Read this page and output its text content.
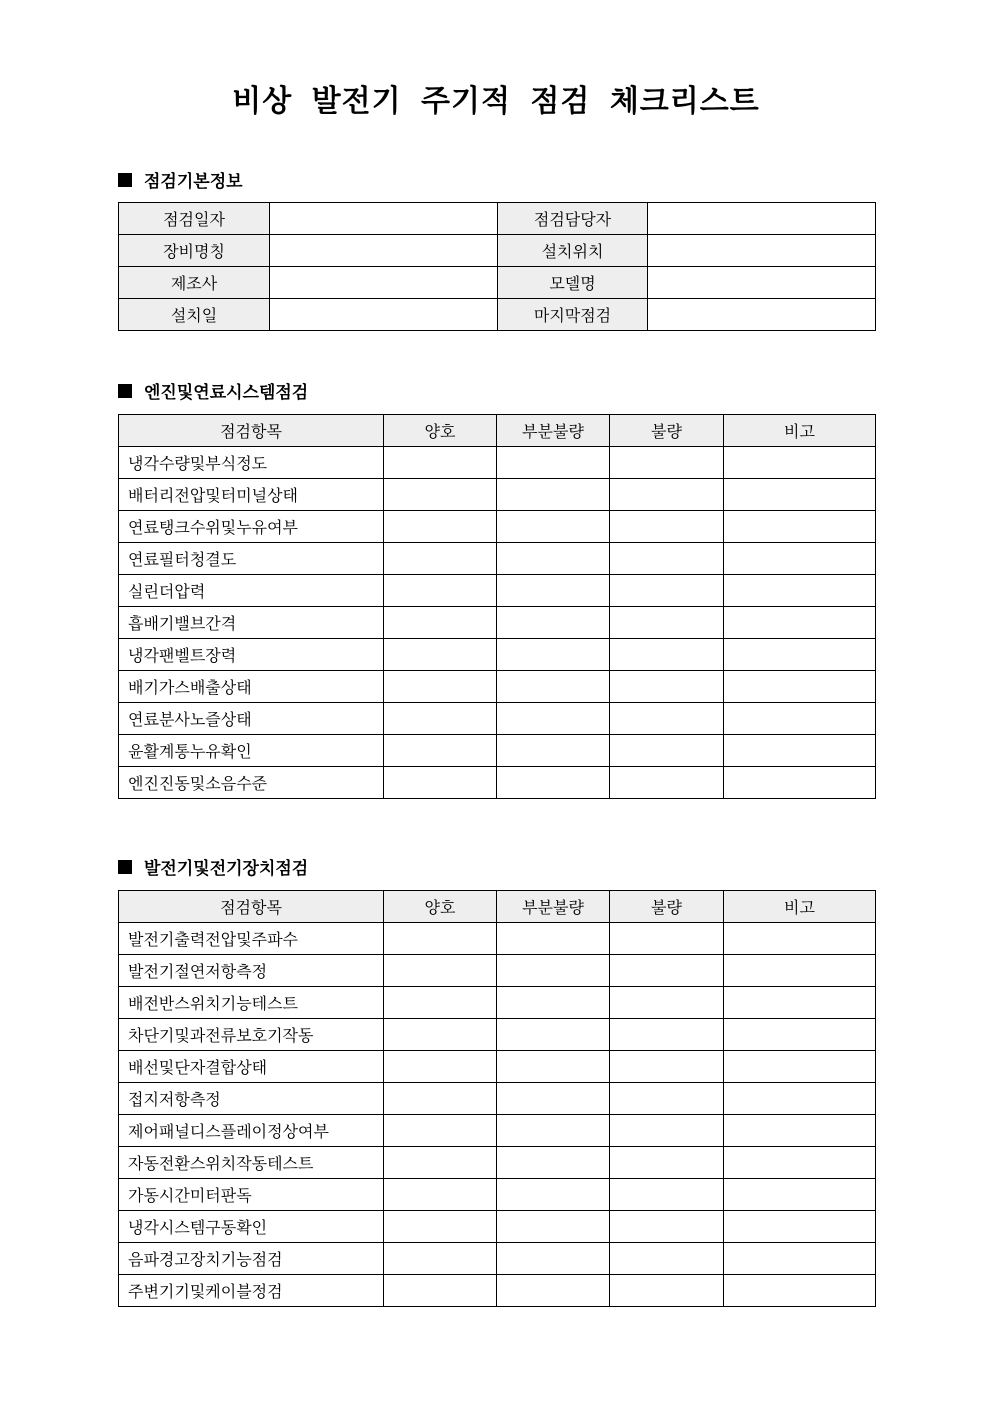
비상 발전기 주기적 점검 체크리스트
점검기본정보
점검일자		점검담당자	
장비명칭		설치위치	
제조사		모델명	
설치일		마지막점검	
엔진및연료시스템점검
점검항목	양호	부분불량	불량	비고
냉각수량및부식정도				
배터리전압및터미널상태				
연료탱크수위및누유여부				
연료필터청결도				
실린더압력				
흡배기밸브간격				
냉각팬벨트장력				
배기가스배출상태				
연료분사노즐상태				
윤활계통누유확인				
엔진진동및소음수준				
발전기및전기장치점검
점검항목	양호	부분불량	불량	비고
발전기출력전압및주파수				
발전기절연저항측정				
배전반스위치기능테스트				
차단기및과전류보호기작동				
배선및단자결합상태				
접지저항측정				
제어패널디스플레이정상여부				
자동전환스위치작동테스트				
가동시간미터판독				
냉각시스템구동확인				
음파경고장치기능점검				
주변기기및케이블정검				
